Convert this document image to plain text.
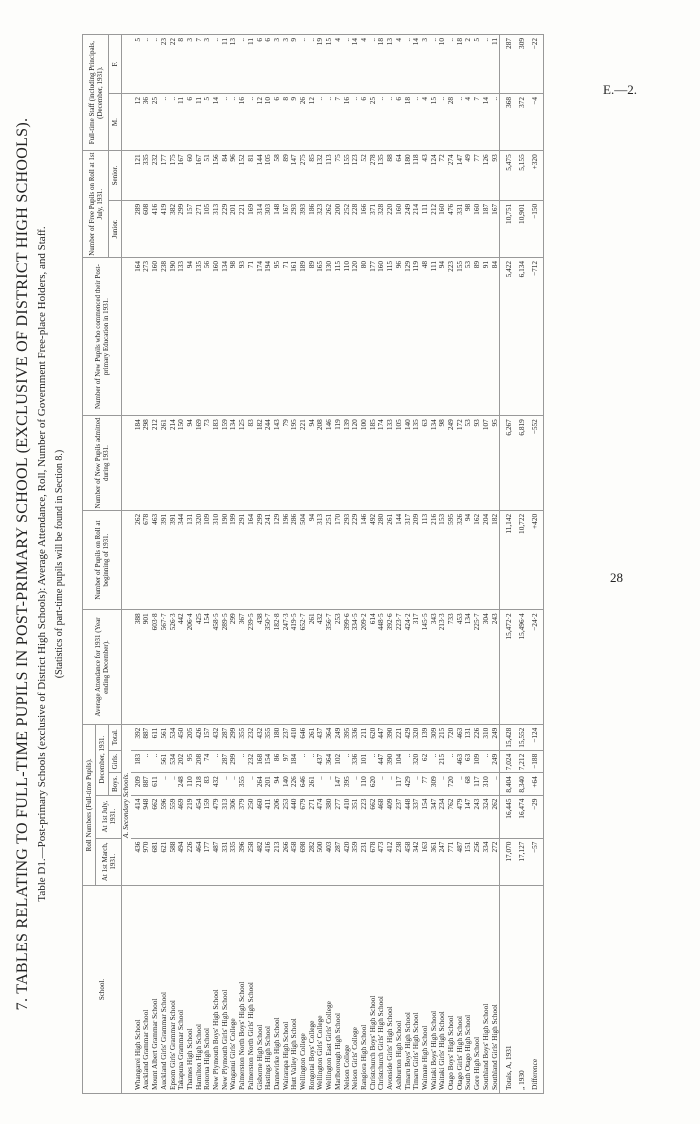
E.—2.
28
7. TABLES RELATING TO FULL-TIME PUPILS IN POST-PRIMARY SCHOOL (EXCLUSIVE OF DISTRICT HIGH SCHOOLS). Table D1.—Post-primary Schools (exclusive of District High Schools): Average Attendance, Roll, Number of Government Free-place Holders, and Staff. (Statistics of part-time pupils will be found in Section 8.)
School.	Roll Numbers (Full-time Pupils).					Average Attendance for 1931 (Year ending December).	Number of Pupils on Roll at beginning of 1931.	Number of New Pupils admitted during 1931.	Number of New Pupils who commenced their Post-primary Education in 1931.	Number of Free Pupils on Roll at 1st July, 1931.		Full-time Staff (including Principals, (December, 1931).	
	At 1st March, 1931.	At 1st July, 1931.	December, 1931.										
			Boys.	Girls.	Total.					Junior.	Senior.	M.	F.
	A. Secondary Schools.												
Whangarei High School	436	414	209	183	392	388	262	184	164	289	121	12	5
Auckland Grammar School	970	948	887	..	887	901	678	298	273	608	335	36	..
Mount Albert Grammar School	681	662	611	..	611	603·8	463	212	160	416	232	25	..
Auckland Girls' Grammar School	621	596	..	561	561	567·7	391	261	238	419	177	..	23
Epsom Girls' Grammar School	588	559	..	534	534	526·3	391	214	190	382	175	..	22
Takapuna Grammar School	494	469	248	202	450	442	344	150	133	299	167	11	8
Thames High School	226	219	110	95	205	206·4	131	94	94	157	60	6	3
Hamilton High School	464	454	218	208	426	425	320	169	135	271	167	11	7
Rotorua High School	177	159	83	74	157	154	109	73	56	105	51	5	3
New Plymouth Boys' High School	487	479	432	..	432	458·5	310	183	160	313	156	14	..
New Plymouth Girls' High School	331	313	..	287	287	289·5	190	159	134	229	84	..	11
Wanganui Girls' College	335	306	..	299	299	299	199	134	98	201	96	..	13
Palmerston North Boys' High School	396	379	355	..	355	367	291	125	93	221	152	16	..
Palmerston North Girls' High School	258	250	..	232	232	239·5	164	83	71	169	81	..	11
Gisborne High School	482	460	264	168	432	438	299	182	174	314	144	12	6
Hastings High School	416	411	201	154	355	350·7	241	244	194	303	105	10	6
Dannevirke High School	213	206	94	86	180	182·8	129	143	95	148	58	6	3
Wairarapa High School	266	253	140	97	237	247·3	196	79	71	167	89	8	3
Hutt Valley High School	458	440	226	184	410	419·5	286	195	161	293	147	9	9
Wellington College	698	679	646	..	646	652·7	504	221	189	393	275	26	..
Rongotai Boys' College	282	271	261	..	261	261	94	94	89	186	85	12	..
Wellington Girls' College	500	474	..	437	437	432	313	208	165	323	132	..	19
Wellington East Girls' College	403	380	..	364	364	356·7	251	146	130	262	113	..	15
Marlborough High School	287	277	147	102	249	253	170	119	115	200	75	7	4
Nelson College	420	410	395	..	395	399·6	293	139	110	252	155	16	..
Nelson Girls' College	359	351	..	336	336	334·5	229	120	120	228	123	..	14
Rangiora High School	231	223	110	101	211	209·2	146	100	80	166	52	6	4
Christchurch Boys' High School	678	662	620	..	620	614	492	185	177	371	278	25	..
Christchurch Girls' High School	473	468	..	447	447	448·5	280	174	160	328	135	..	18
Avonside Girls' High School	412	409	..	390	390	392·6	261	133	115	220	88	..	13
Ashburton High School	238	237	117	104	221	223·7	144	105	96	160	64	6	4
Timaru Boys' High School	458	448	429	..	429	424·2	317	140	129	249	180	18	..
Timaru Girls' High School	342	337	..	320	320	317	209	135	119	214	118	..	14
Waimate High School	163	154	77	62	139	145·5	113	63	48	111	43	4	3
Waitaki Boys' High School	361	347	309	..	309	343	216	134	111	212	124	15	..
Waitaki Girls' High School	247	234	..	215	215	213·3	153	98	94	160	72	..	10
Otago Boys' High School	771	762	720	..	720	733	595	249	223	476	274	28	..
Otago Girls' High School	487	479	..	463	463	453	326	172	155	331	147	..	18
South Otago High School	151	147	68	63	131	134	94	53	53	98	49	4	2
Gore High School	256	243	117	109	226	225·7	162	93	89	160	77	7	5
Southland Boys' High School	334	324	310	..	310	304	204	107	91	187	126	14	..
Southland Girls' High School	272	262	..	249	249	243	182	95	84	167	93	..	11
Totals, A, 1931	17,070	16,445	8,404	7,024	15,428	15,472·2	11,142	6,267	5,422	10,751	5,475	368	287
„ 1930	17,127	16,474	8,340	7,212	15,552	15,496·4	10,722	6,819	6,134	10,901	5,155	372	309
Difference	−57	−29	+64	−188	−124	−24·2	+420	−552	−712	−150	+320	−4	−22
